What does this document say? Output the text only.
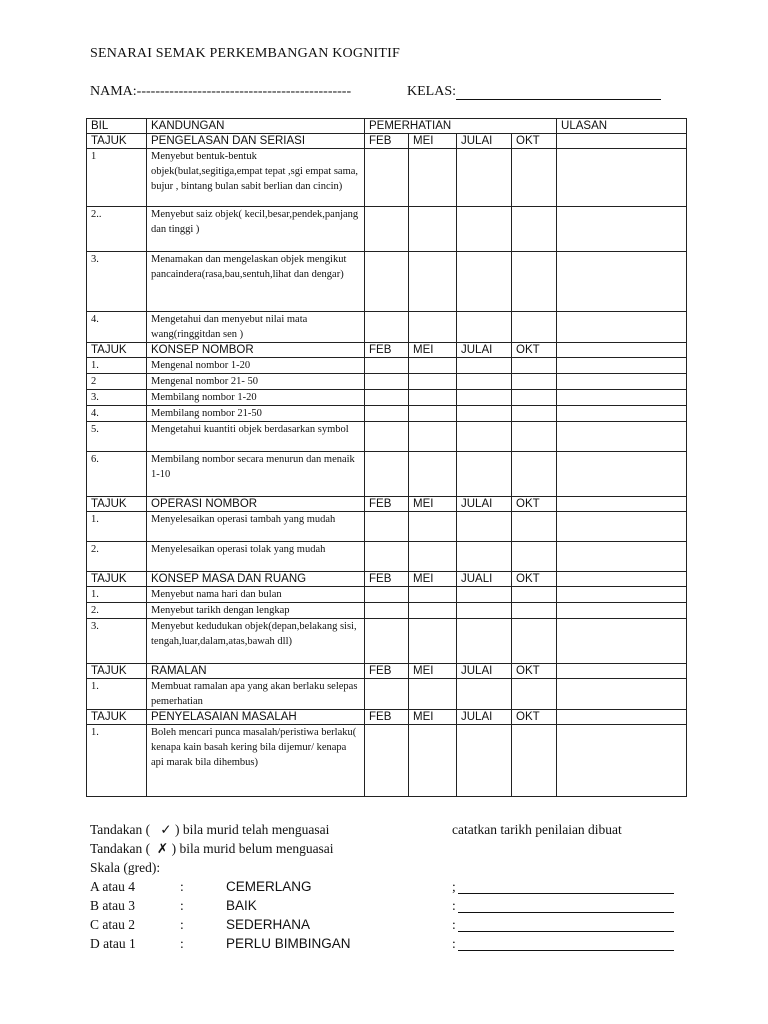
SENARAI SEMAK PERKEMBANGAN KOGNITIF
NAMA:----------------------------------------------	KELAS:
BIL	KANDUNGAN	PEMERHATIAN				ULASAN
TAJUK	PENGELASAN DAN SERIASI	FEB	MEI	JULAI	OKT	
1	Menyebut bentuk-bentuk objek(bulat,segitiga,empat tepat ,sgi empat sama, bujur , bintang bulan sabit berlian dan cincin)					
2..	Menyebut saiz objek( kecil,besar,pendek,panjang dan tinggi )					
3.	Menamakan dan mengelaskan objek mengikut pancaindera(rasa,bau,sentuh,lihat dan dengar)					
4.	Mengetahui dan menyebut nilai mata wang(ringgitdan sen )					
TAJUK	KONSEP NOMBOR	FEB	MEI	JULAI	OKT	
1.	Mengenal nombor 1-20					
2	Mengenal nombor 21- 50					
3.	Membilang nombor 1-20					
4.	Membilang nombor 21-50					
5.	Mengetahui kuantiti objek berdasarkan symbol					
6.	Membilang nombor secara menurun dan menaik 1-10					
TAJUK	OPERASI NOMBOR	FEB	MEI	JULAI	OKT	
1.	Menyelesaikan operasi tambah yang mudah					
2.	Menyelesaikan operasi tolak yang mudah					
TAJUK	KONSEP MASA DAN RUANG	FEB	MEI	JUALI	OKT	
1.	Menyebut nama hari dan bulan					
2.	Menyebut tarikh dengan lengkap					
3.	Menyebut kedudukan objek(depan,belakang sisi, tengah,luar,dalam,atas,bawah dll)					
TAJUK	RAMALAN	FEB	MEI	JULAI	OKT	
1.	Membuat ramalan apa yang akan berlaku selepas pemerhatian					
TAJUK	PENYELASAIAN MASALAH	FEB	MEI	JULAI	OKT	
1.	Boleh mencari punca masalah/peristiwa berlaku( kenapa kain basah kering bila dijemur/ kenapa api marak bila dihembus)					
Tandakan ( ✓ ) bila murid telah menguasai	catatkan tarikh penilaian dibuat
Tandakan ( ✗ ) bila murid belum menguasai
Skala (gred):
A atau 4	:	CEMERLANG	;
B atau 3	:	BAIK	:
C atau 2	:	SEDERHANA	:
D atau 1	:	PERLU BIMBINGAN	:
